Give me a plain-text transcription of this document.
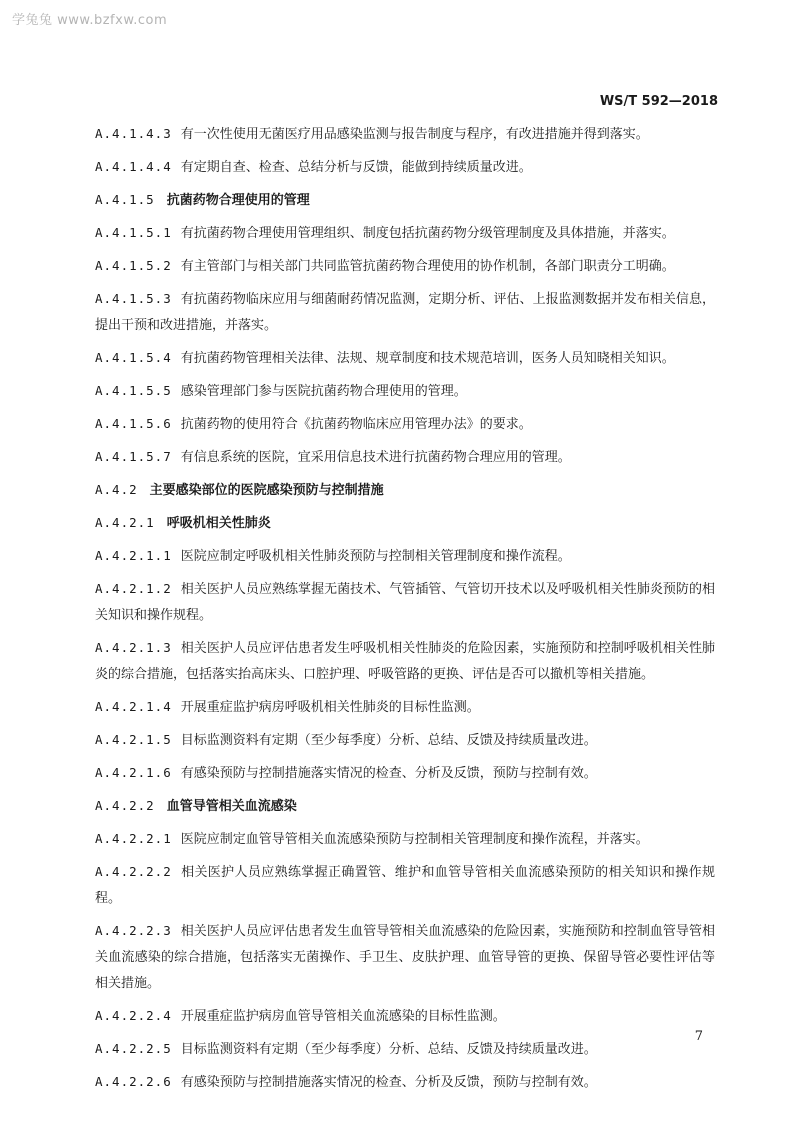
学兔兔 www.bzfxw.com
WS/T 592—2018
A.4.1.4.3 有一次性使用无菌医疗用品感染监测与报告制度与程序，有改进措施并得到落实。
A.4.1.4.4 有定期自查、检查、总结分析与反馈，能做到持续质量改进。
A.4.1.5 抗菌药物合理使用的管理
A.4.1.5.1 有抗菌药物合理使用管理组织、制度包括抗菌药物分级管理制度及具体措施，并落实。
A.4.1.5.2 有主管部门与相关部门共同监管抗菌药物合理使用的协作机制，各部门职责分工明确。
A.4.1.5.3 有抗菌药物临床应用与细菌耐药情况监测，定期分析、评估、上报监测数据并发布相关信息，提出干预和改进措施，并落实。
A.4.1.5.4 有抗菌药物管理相关法律、法规、规章制度和技术规范培训，医务人员知晓相关知识。
A.4.1.5.5 感染管理部门参与医院抗菌药物合理使用的管理。
A.4.1.5.6 抗菌药物的使用符合《抗菌药物临床应用管理办法》的要求。
A.4.1.5.7 有信息系统的医院，宜采用信息技术进行抗菌药物合理应用的管理。
A.4.2 主要感染部位的医院感染预防与控制措施
A.4.2.1 呼吸机相关性肺炎
A.4.2.1.1 医院应制定呼吸机相关性肺炎预防与控制相关管理制度和操作流程。
A.4.2.1.2 相关医护人员应熟练掌握无菌技术、气管插管、气管切开技术以及呼吸机相关性肺炎预防的相关知识和操作规程。
A.4.2.1.3 相关医护人员应评估患者发生呼吸机相关性肺炎的危险因素，实施预防和控制呼吸机相关性肺炎的综合措施，包括落实抬高床头、口腔护理、呼吸管路的更换、评估是否可以撤机等相关措施。
A.4.2.1.4 开展重症监护病房呼吸机相关性肺炎的目标性监测。
A.4.2.1.5 目标监测资料有定期（至少每季度）分析、总结、反馈及持续质量改进。
A.4.2.1.6 有感染预防与控制措施落实情况的检查、分析及反馈，预防与控制有效。
A.4.2.2 血管导管相关血流感染
A.4.2.2.1 医院应制定血管导管相关血流感染预防与控制相关管理制度和操作流程，并落实。
A.4.2.2.2 相关医护人员应熟练掌握正确置管、维护和血管导管相关血流感染预防的相关知识和操作规程。
A.4.2.2.3 相关医护人员应评估患者发生血管导管相关血流感染的危险因素，实施预防和控制血管导管相关血流感染的综合措施，包括落实无菌操作、手卫生、皮肤护理、血管导管的更换、保留导管必要性评估等相关措施。
A.4.2.2.4 开展重症监护病房血管导管相关血流感染的目标性监测。
A.4.2.2.5 目标监测资料有定期（至少每季度）分析、总结、反馈及持续质量改进。
A.4.2.2.6 有感染预防与控制措施落实情况的检查、分析及反馈，预防与控制有效。
7
